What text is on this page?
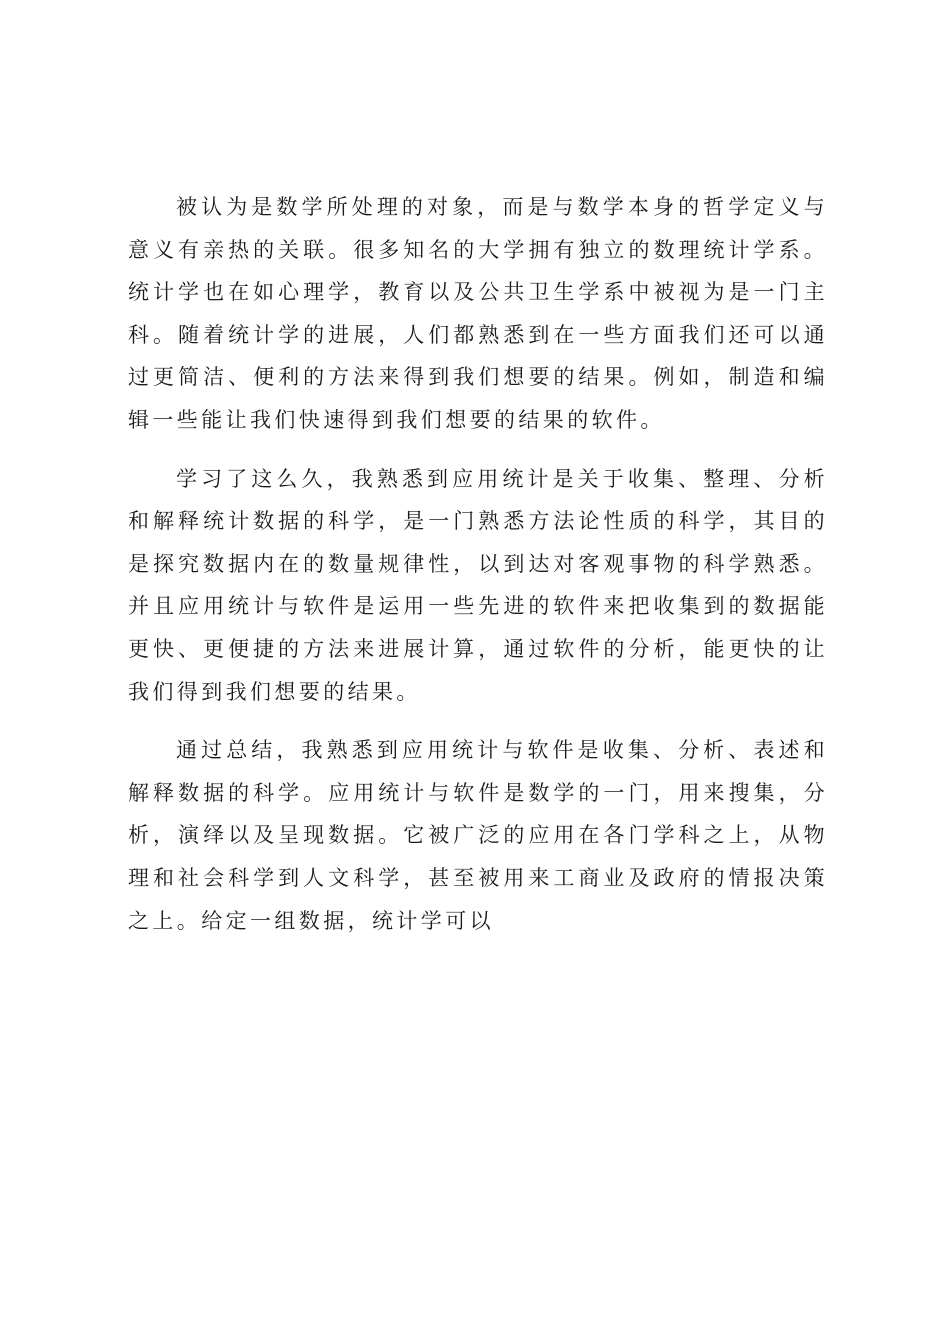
被认为是数学所处理的对象，而是与数学本身的哲学定义与意义有亲热的关联。很多知名的大学拥有独立的数理统计学系。统计学也在如心理学，教育以及公共卫生学系中被视为是一门主科。随着统计学的进展，人们都熟悉到在一些方面我们还可以通过更简洁、便利的方法来得到我们想要的结果。例如，制造和编辑一些能让我们快速得到我们想要的结果的软件。

学习了这么久，我熟悉到应用统计是关于收集、整理、分析和解释统计数据的科学，是一门熟悉方法论性质的科学，其目的是探究数据内在的数量规律性，以到达对客观事物的科学熟悉。并且应用统计与软件是运用一些先进的软件来把收集到的数据能更快、更便捷的方法来进展计算，通过软件的分析，能更快的让我们得到我们想要的结果。

通过总结，我熟悉到应用统计与软件是收集、分析、表述和解释数据的科学。应用统计与软件是数学的一门，用来搜集，分析，演绎以及呈现数据。它被广泛的应用在各门学科之上，从物理和社会科学到人文科学，甚至被用来工商业及政府的情报决策之上。给定一组数据，统计学可以
